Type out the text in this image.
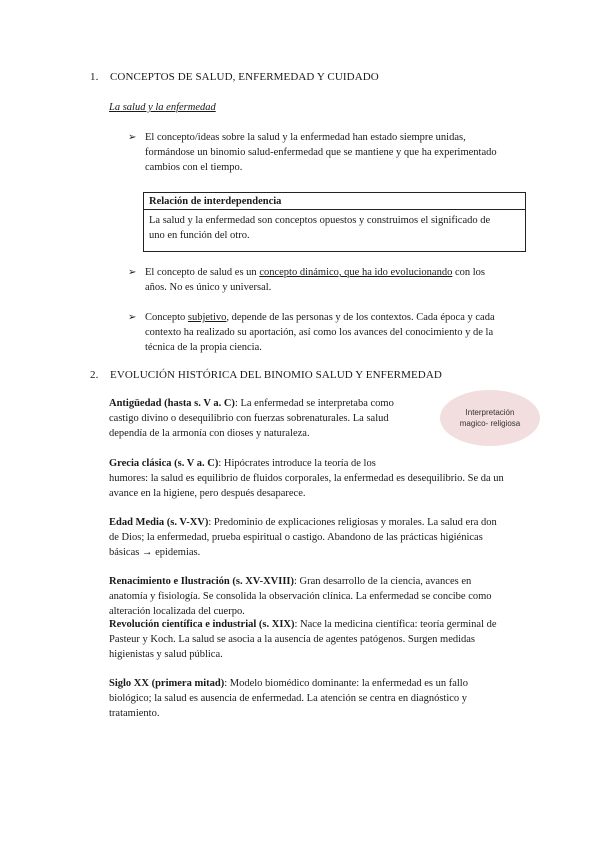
1. CONCEPTOS DE SALUD, ENFERMEDAD Y CUIDADO
La salud y la enfermedad
➢ El concepto/ideas sobre la salud y la enfermedad han estado siempre unidas,
formándose un binomio salud-enfermedad que se mantiene y que ha experimentado
cambios con el tiempo.
Relación de interdependencia
La salud y la enfermedad son conceptos opuestos y construimos el significado de
uno en función del otro.
➢ El concepto de salud es un concepto dinámico, que ha ido evolucionando con los
años. No es único y universal.
➢ Concepto subjetivo, depende de las personas y de los contextos. Cada época y cada
contexto ha realizado su aportación, así como los avances del conocimiento y de la
técnica de la propia ciencia.
2. EVOLUCIÓN HISTÓRICA DEL BINOMIO SALUD Y ENFERMEDAD
Interpretación
magico- religiosa
Antigüedad (hasta s. V a. C): La enfermedad se interpretaba como
castigo divino o desequilibrio con fuerzas sobrenaturales. La salud
dependía de la armonía con dioses y naturaleza.
Grecia clásica (s. V a. C): Hipócrates introduce la teoría de los
humores: la salud es equilibrio de fluidos corporales, la enfermedad es desequilibrio. Se da un
avance en la higiene, pero después desaparece.
Edad Media (s. V-XV): Predominio de explicaciones religiosas y morales. La salud era don
de Dios; la enfermedad, prueba espiritual o castigo. Abandono de las prácticas higiénicas
básicas → epidemias.
Renacimiento e Ilustración (s. XV-XVIII): Gran desarrollo de la ciencia, avances en
anatomía y fisiología. Se consolida la observación clínica. La enfermedad se concibe como
alteración localizada del cuerpo.
Revolución científica e industrial (s. XIX): Nace la medicina científica: teoría germinal de
Pasteur y Koch. La salud se asocia a la ausencia de agentes patógenos. Surgen medidas
higienistas y salud pública.
Siglo XX (primera mitad): Modelo biomédico dominante: la enfermedad es un fallo
biológico; la salud es ausencia de enfermedad. La atención se centra en diagnóstico y
tratamiento.
